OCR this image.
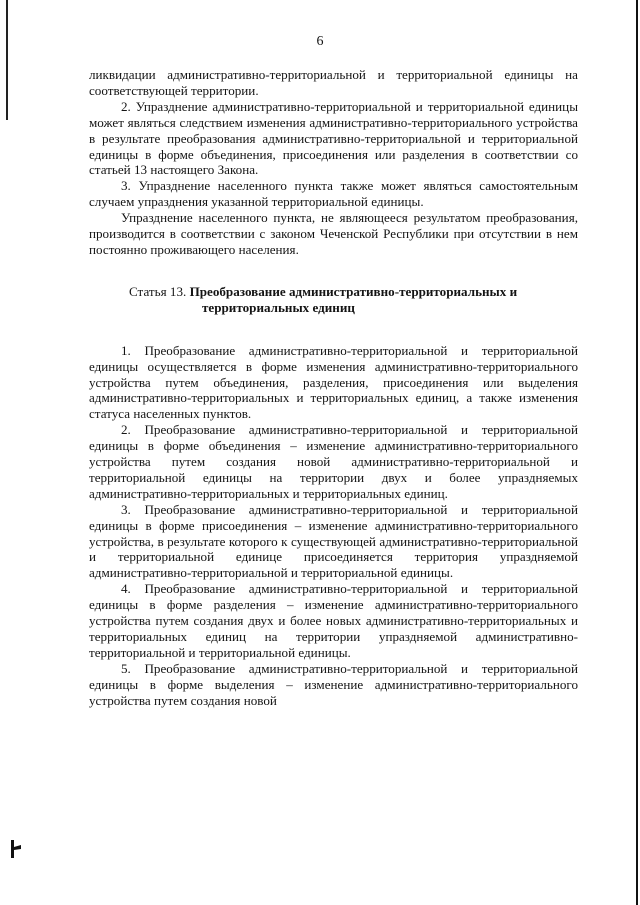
6

ликвидации административно-территориальной и территориальной единицы на соответствующей территории.

2. Упразднение административно-территориальной и территориальной единицы может являться следствием изменения административно-территориального устройства в результате преобразования административно-территориальной и территориальной единицы в форме объединения, присоединения или разделения в соответствии со статьей 13 настоящего Закона.

3. Упразднение населенного пункта также может являться самостоятельным случаем упразднения указанной территориальной единицы.

Упразднение населенного пункта, не являющееся результатом преобразования, производится в соответствии с законом Чеченской Республики при отсутствии в нем постоянно проживающего населения.

Статья 13. Преобразование административно-территориальных и
территориальных единиц

1. Преобразование административно-территориальной и территориальной единицы осуществляется в форме изменения административно-территориального устройства путем объединения, разделения, присоединения или выделения административно-территориальных и территориальных единиц, а также изменения статуса населенных пунктов.

2. Преобразование административно-территориальной и территориальной единицы в форме объединения – изменение административно-территориального устройства путем создания новой административно-территориальной и территориальной единицы на территории двух и более упраздняемых административно-территориальных и территориальных единиц.

3. Преобразование административно-территориальной и территориальной единицы в форме присоединения – изменение административно-территориального устройства, в результате которого к существующей административно-территориальной и территориальной единице присоединяется территория упраздняемой административно-территориальной и территориальной единицы.

4. Преобразование административно-территориальной и территориальной единицы в форме разделения – изменение административно-территориального устройства путем создания двух и более новых административно-территориальных и территориальных единиц на территории упраздняемой административно-территориальной и территориальной единицы.

5. Преобразование административно-территориальной и территориальной единицы в форме выделения – изменение административно-территориального устройства путем создания новой
